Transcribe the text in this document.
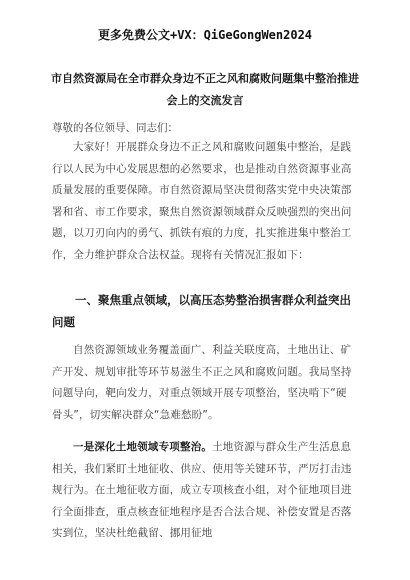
更多免费公文+VX：QiGeGongWen2024
市自然资源局在全市群众身边不正之风和腐败问题集中整治推进会上的交流发言
尊敬的各位领导、同志们：
大家好！开展群众身边不正之风和腐败问题集中整治，是践行以人民为中心发展思想的必然要求，也是推动自然资源事业高质量发展的重要保障。市自然资源局坚决贯彻落实党中央决策部署和省、市工作要求，聚焦自然资源领域群众反映强烈的突出问题，以刀刃向内的勇气、抓铁有痕的力度，扎实推进集中整治工作，全力维护群众合法权益。现将有关情况汇报如下：
一、聚焦重点领域，以高压态势整治损害群众利益突出问题
自然资源领域业务覆盖面广、利益关联度高，土地出让、矿产开发、规划审批等环节易滋生不正之风和腐败问题。我局坚持问题导向，靶向发力，对重点领域开展专项整治，坚决啃下“硬骨头”，切实解决群众“急难愁盼”。
一是深化土地领域专项整治。土地资源与群众生产生活息息相关，我们紧盯土地征收、供应、使用等关键环节，严厉打击违规行为。在土地征收方面，成立专项核查小组，对个征地项目进行全面排查，重点核查征地程序是否合法合规、补偿安置是否落实到位，坚决杜绝截留、挪用征地
